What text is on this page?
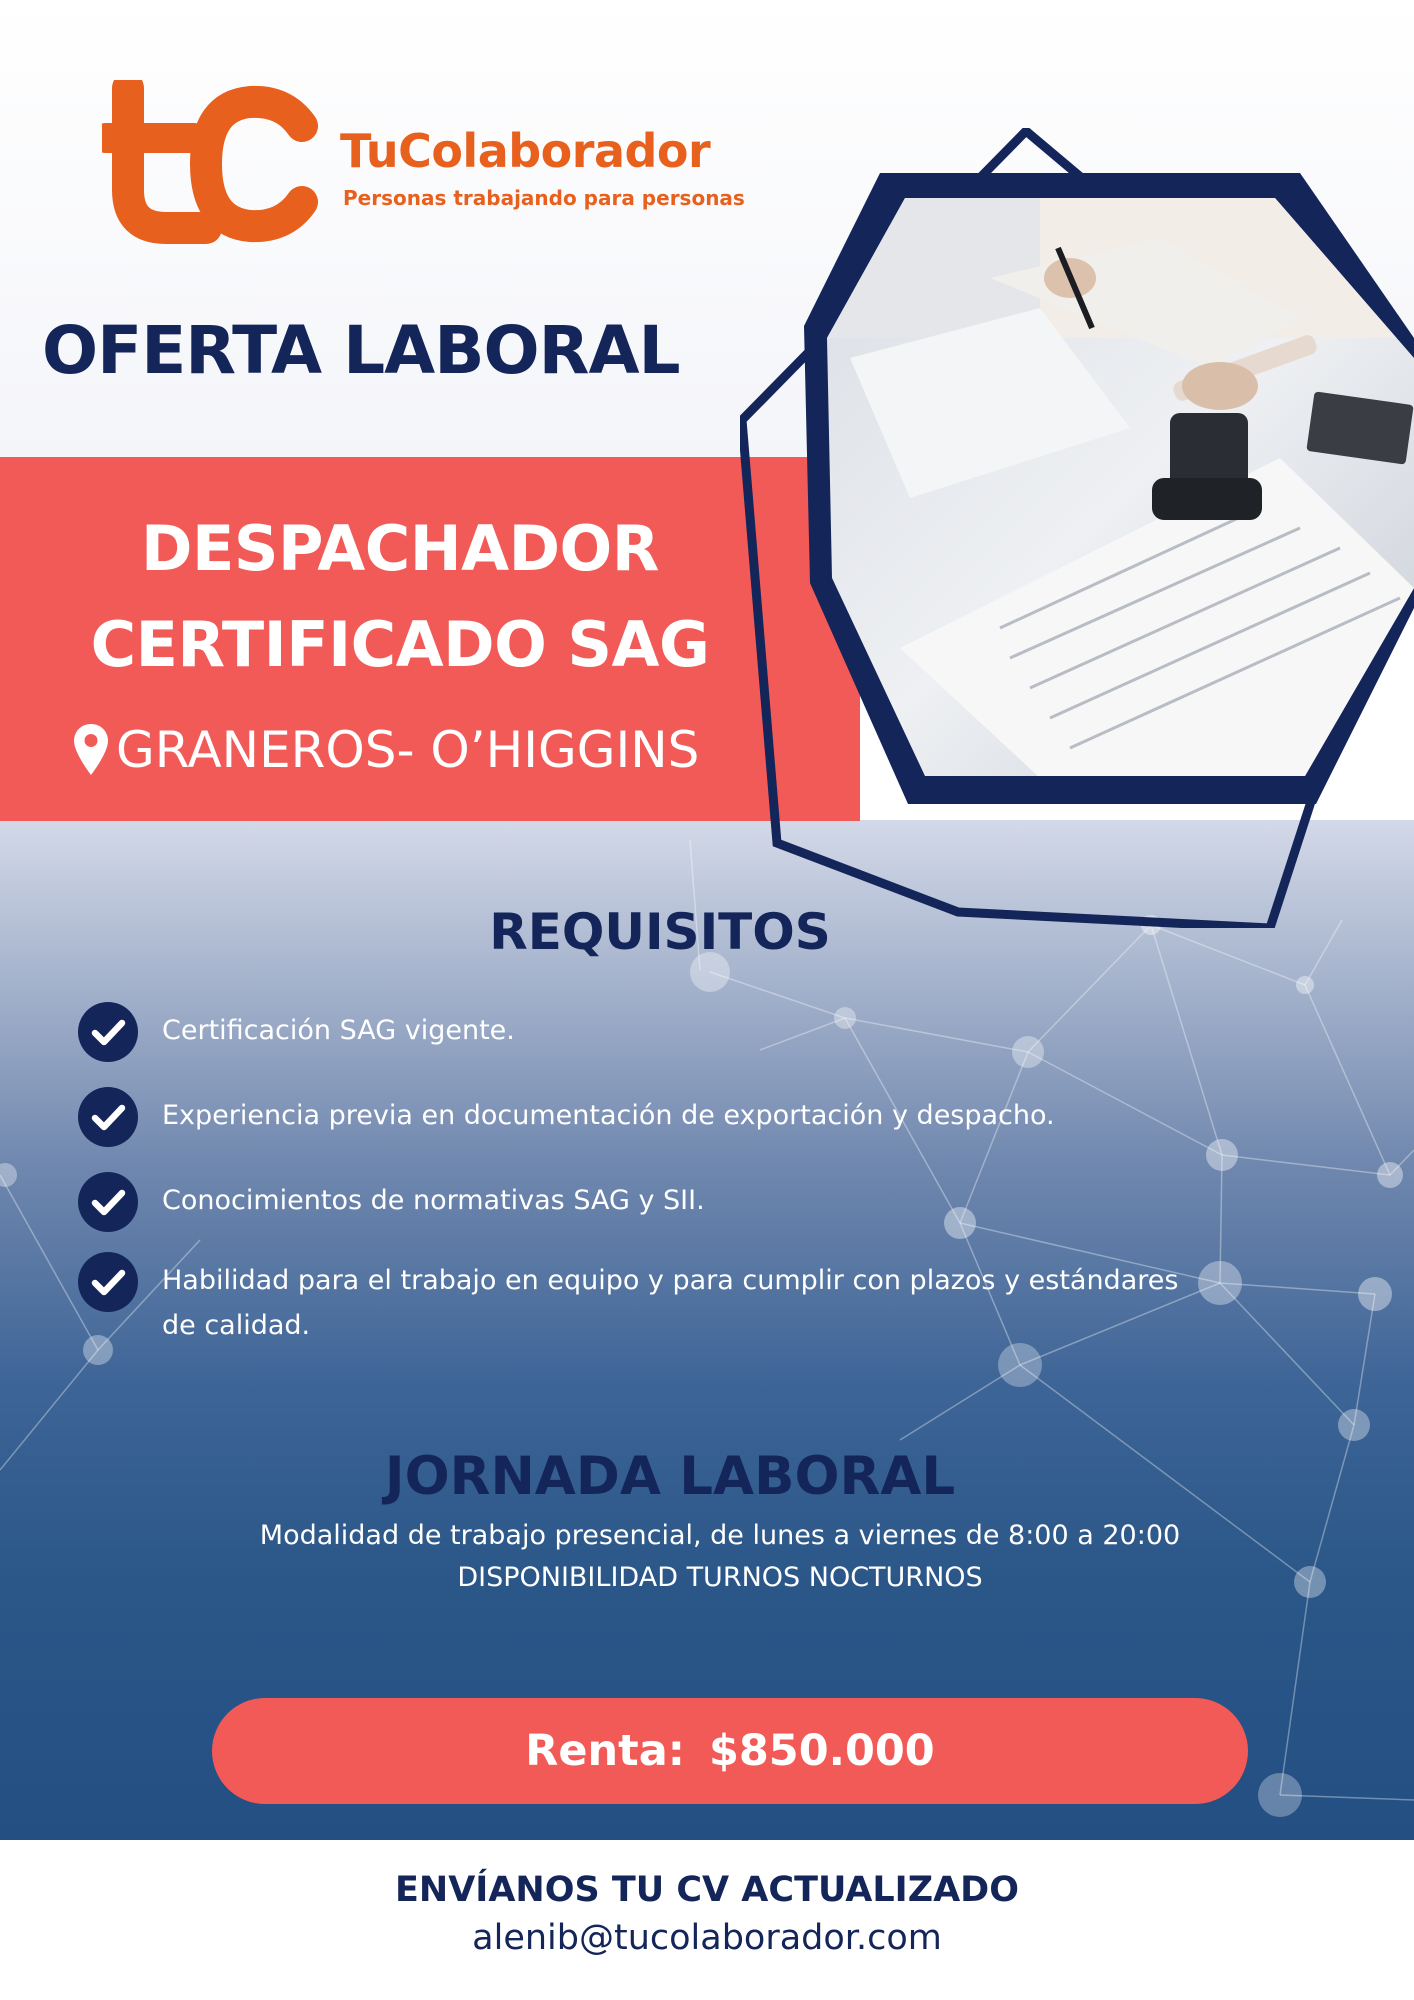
TuColaborador
Personas trabajando para personas
OFERTA LABORAL
DESPACHADOR
CERTIFICADO SAG
GRANEROS- O’HIGGINS
REQUISITOS
Certificación SAG vigente.
Experiencia previa en documentación de exportación y despacho.
Conocimientos de normativas SAG y SII.
Habilidad para el trabajo en equipo y para cumplir con plazos y estándares de calidad.
JORNADA LABORAL
Modalidad de trabajo presencial, de lunes a viernes de 8:00 a 20:00
DISPONIBILIDAD TURNOS NOCTURNOS
Renta: $850.000
ENVÍANOS TU CV ACTUALIZADO
alenib@tucolaborador.com
